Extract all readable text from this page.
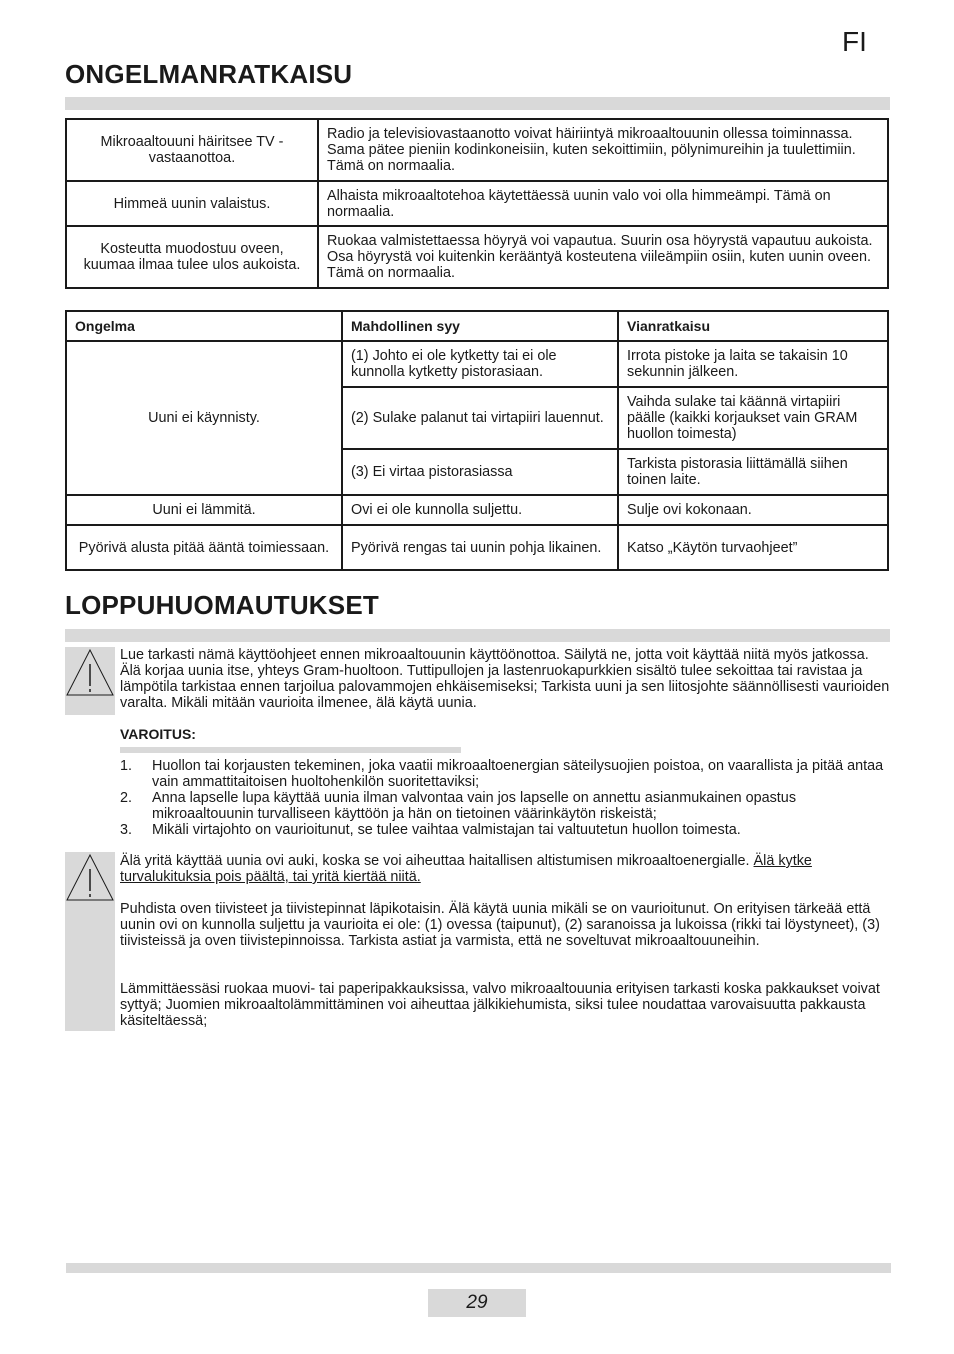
FI
ONGELMANRATKAISU
Mikroaaltouuni häiritsee TV -vastaanottoa.	Radio ja televisiovastaanotto voivat häiriintyä mikroaaltouunin ollessa toiminnassa. Sama pätee pieniin kodinkoneisiin, kuten sekoittimiin, pölynimureihin ja tuulettimiin. Tämä on normaalia.
Himmeä uunin valaistus.	Alhaista mikroaaltotehoa käytettäessä uunin valo voi olla himmeämpi. Tämä on normaalia.
Kosteutta muodostuu oveen, kuumaa ilmaa tulee ulos aukoista.	Ruokaa valmistettaessa höyryä voi vapautua. Suurin osa höyrystä vapautuu aukoista. Osa höyrystä voi kuitenkin kerääntyä kosteutena viileämpiin osiin, kuten uunin oveen. Tämä on normaalia.
Ongelma	Mahdollinen syy	Vianratkaisu
Uuni ei käynnisty.	(1) Johto ei ole kytketty tai ei ole kunnolla kytketty pistorasiaan.	Irrota pistoke ja laita se takaisin 10 sekunnin jälkeen.
	(2) Sulake palanut tai virtapiiri lauennut.	Vaihda sulake tai käännä virtapiiri päälle (kaikki korjaukset vain GRAM huollon toimesta)
	(3) Ei virtaa pistorasiassa	Tarkista pistorasia liittämällä siihen toinen laite.
Uuni ei lämmitä.	Ovi ei ole kunnolla suljettu.	Sulje ovi kokonaan.
Pyörivä alusta pitää ääntä toimiessaan.	Pyörivä rengas tai uunin pohja likainen.	Katso „Käytön turvaohjeet”
LOPPUHUOMAUTUKSET

Lue tarkasti nämä käyttöohjeet ennen mikroaaltouunin käyttöönottoa. Säilytä ne, jotta voit käyttää niitä myös jatkossa. Älä korjaa uunia itse, yhteys Gram-huoltoon. Tuttipullojen ja lastenruokapurkkien sisältö tulee sekoittaa tai ravistaa ja lämpötila tarkistaa ennen tarjoilua palovammojen ehkäisemiseksi; Tarkista uuni ja sen liitosjohte säännöllisesti vaurioiden varalta. Mikäli mitään vaurioita ilmenee, älä käytä uunia.

VAROITUS:
1. Huollon tai korjausten tekeminen, joka vaatii mikroaaltoenergian säteilysuojien poistoa, on vaarallista ja pitää antaa vain ammattitaitoisen huoltohenkilön suoritettaviksi;
2. Anna lapselle lupa käyttää uunia ilman valvontaa vain jos lapselle on annettu asianmukainen opastus mikroaaltouunin turvalliseen käyttöön ja hän on tietoinen väärinkäytön riskeistä;
3. Mikäli virtajohto on vaurioitunut, se tulee vaihtaa valmistajan tai valtuutetun huollon toimesta.

Älä yritä käyttää uunia ovi auki, koska se voi aiheuttaa haitallisen altistumisen mikroaaltoenergialle. Älä kytke turvalukituksia pois päältä, tai yritä kiertää niitä.

Puhdista oven tiivisteet ja tiivistepinnat läpikotaisin. Älä käytä uunia mikäli se on vaurioitunut. On erityisen tärkeää että uunin ovi on kunnolla suljettu ja vaurioita ei ole: (1) ovessa (taipunut), (2) saranoissa ja lukoissa (rikki tai löystyneet), (3) tiivisteissä ja oven tiivistepinnoissa. Tarkista astiat ja varmista, että ne soveltuvat mikroaaltouuneihin.

Lämmittäessäsi ruokaa muovi- tai paperipakkauksissa, valvo mikroaaltouunia erityisen tarkasti koska pakkaukset voivat syttyä; Juomien mikroaaltolämmittäminen voi aiheuttaa jälkikiehumista, siksi tulee noudattaa varovaisuutta pakkausta käsiteltäessä;

29
